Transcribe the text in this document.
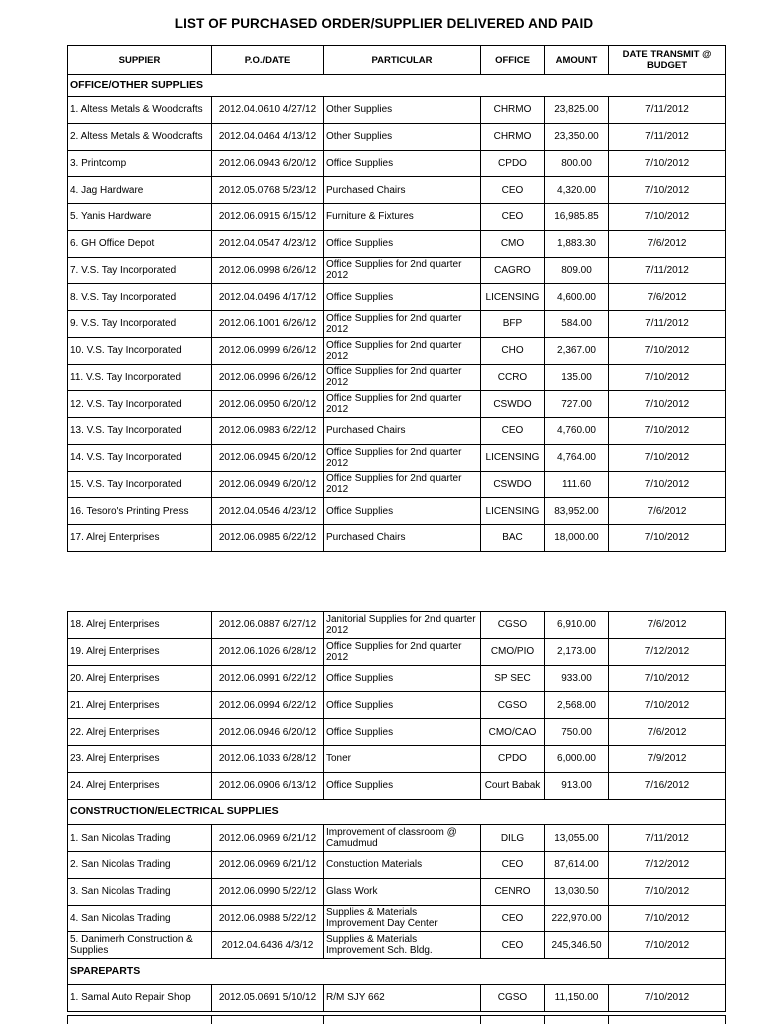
LIST OF PURCHASED ORDER/SUPPLIER DELIVERED AND PAID
SUPPIER	P.O./DATE	PARTICULAR	OFFICE	AMOUNT	DATE TRANSMIT @ BUDGET
OFFICE/OTHER SUPPLIES					
1. Altess Metals & Woodcrafts	2012.04.0610 4/27/12	Other Supplies	CHRMO	23,825.00	7/11/2012
2. Altess Metals & Woodcrafts	2012.04.0464 4/13/12	Other Supplies	CHRMO	23,350.00	7/11/2012
3. Printcomp	2012.06.0943 6/20/12	Office Supplies	CPDO	800.00	7/10/2012
4. Jag Hardware	2012.05.0768 5/23/12	Purchased Chairs	CEO	4,320.00	7/10/2012
5. Yanis Hardware	2012.06.0915 6/15/12	Furniture & Fixtures	CEO	16,985.85	7/10/2012
6. GH Office Depot	2012.04.0547 4/23/12	Office Supplies	CMO	1,883.30	7/6/2012
7. V.S. Tay Incorporated	2012.06.0998 6/26/12	Office Supplies for 2nd quarter 2012	CAGRO	809.00	7/11/2012
8. V.S. Tay Incorporated	2012.04.0496 4/17/12	Office Supplies	LICENSING	4,600.00	7/6/2012
9. V.S. Tay Incorporated	2012.06.1001 6/26/12	Office Supplies for 2nd quarter 2012	BFP	584.00	7/11/2012
10. V.S. Tay Incorporated	2012.06.0999 6/26/12	Office Supplies for 2nd quarter 2012	CHO	2,367.00	7/10/2012
11. V.S. Tay Incorporated	2012.06.0996 6/26/12	Office Supplies for 2nd quarter 2012	CCRO	135.00	7/10/2012
12. V.S. Tay Incorporated	2012.06.0950 6/20/12	Office Supplies for 2nd quarter 2012	CSWDO	727.00	7/10/2012
13. V.S. Tay Incorporated	2012.06.0983 6/22/12	Purchased Chairs	CEO	4,760.00	7/10/2012
14. V.S. Tay Incorporated	2012.06.0945 6/20/12	Office Supplies for 2nd quarter 2012	LICENSING	4,764.00	7/10/2012
15. V.S. Tay Incorporated	2012.06.0949 6/20/12	Office Supplies for 2nd quarter 2012	CSWDO	111.60	7/10/2012
16. Tesoro's Printing Press	2012.04.0546 4/23/12	Office Supplies	LICENSING	83,952.00	7/6/2012
17. Alrej Enterprises	2012.06.0985 6/22/12	Purchased Chairs	BAC	18,000.00	7/10/2012
18. Alrej Enterprises	2012.06.0887 6/27/12	Janitorial Supplies for 2nd quarter 2012	CGSO	6,910.00	7/6/2012
19. Alrej Enterprises	2012.06.1026 6/28/12	Office Supplies for 2nd quarter 2012	CMO/PIO	2,173.00	7/12/2012
20. Alrej Enterprises	2012.06.0991 6/22/12	Office Supplies	SP SEC	933.00	7/10/2012
21. Alrej Enterprises	2012.06.0994 6/22/12	Office Supplies	CGSO	2,568.00	7/10/2012
22. Alrej Enterprises	2012.06.0946 6/20/12	Office Supplies	CMO/CAO	750.00	7/6/2012
23. Alrej Enterprises	2012.06.1033 6/28/12	Toner	CPDO	6,000.00	7/9/2012
24. Alrej Enterprises	2012.06.0906 6/13/12	Office Supplies	Court Babak	913.00	7/16/2012
CONSTRUCTION/ELECTRICAL SUPPLIES					
1. San Nicolas Trading	2012.06.0969 6/21/12	Improvement of classroom @ Camudmud	DILG	13,055.00	7/11/2012
2. San Nicolas Trading	2012.06.0969 6/21/12	Constuction Materials	CEO	87,614.00	7/12/2012
3. San Nicolas Trading	2012.06.0990 5/22/12	Glass Work	CENRO	13,030.50	7/10/2012
4. San Nicolas Trading	2012.06.0988 5/22/12	Supplies & Materials Improvement Day Center	CEO	222,970.00	7/10/2012
5. Danimerh Construction & Supplies	2012.04.6436 4/3/12	Supplies & Materials Improvement Sch. Bldg.	CEO	245,346.50	7/10/2012
SPAREPARTS					
1. Samal Auto Repair Shop	2012.05.0691 5/10/12	R/M SJY 662	CGSO	11,150.00	7/10/2012
